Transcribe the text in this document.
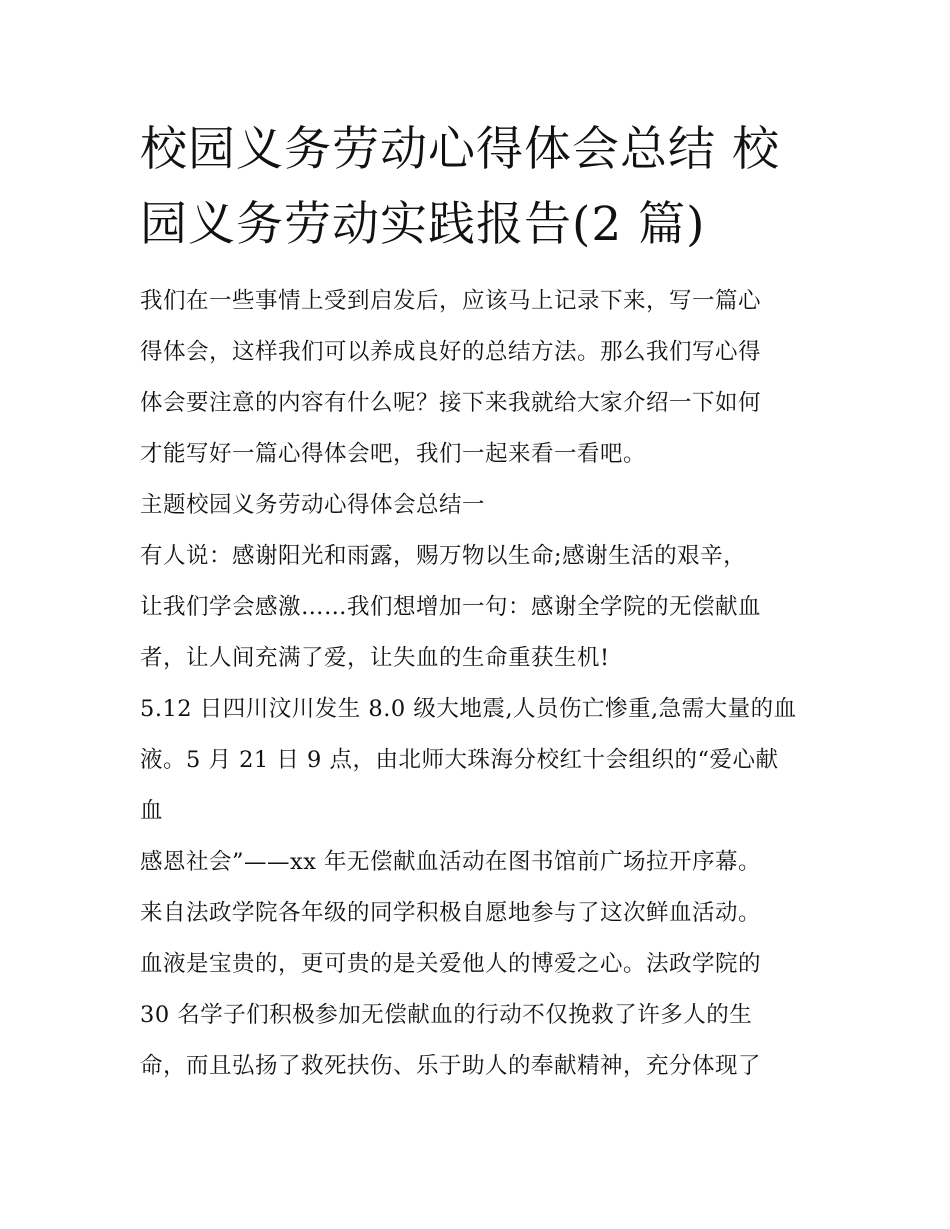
校园义务劳动心得体会总结 校
园义务劳动实践报告(2 篇)
我们在一些事情上受到启发后，应该马上记录下来，写一篇心
得体会，这样我们可以养成良好的总结方法。那么我们写心得
体会要注意的内容有什么呢？接下来我就给大家介绍一下如何
才能写好一篇心得体会吧，我们一起来看一看吧。
主题校园义务劳动心得体会总结一
有人说：感谢阳光和雨露，赐万物以生命;感谢生活的艰辛，
让我们学会感激……我们想增加一句：感谢全学院的无偿献血
者，让人间充满了爱，让失血的生命重获生机!
5.12 日四川汶川发生 8.0 级大地震,人员伤亡惨重,急需大量的血
液。5 月 21 日 9 点，由北师大珠海分校红十会组织的“爱心献
血
感恩社会”——xx 年无偿献血活动在图书馆前广场拉开序幕。
来自法政学院各年级的同学积极自愿地参与了这次鲜血活动。
血液是宝贵的，更可贵的是关爱他人的博爱之心。法政学院的
30 名学子们积极参加无偿献血的行动不仅挽救了许多人的生
命，而且弘扬了救死扶伤、乐于助人的奉献精神，充分体现了
